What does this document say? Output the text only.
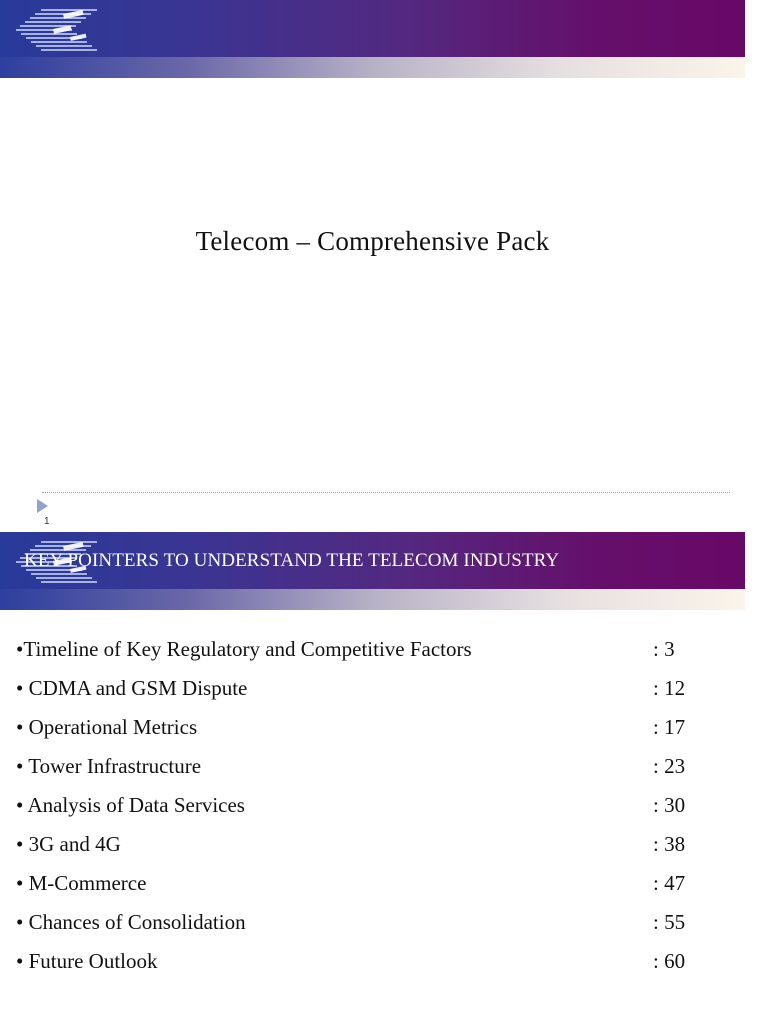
Telecom – Comprehensive Pack
1
KEY POINTERS TO UNDERSTAND THE TELECOM INDUSTRY
•Timeline of Key Regulatory and Competitive Factors	: 3
• CDMA and GSM Dispute	: 12
• Operational Metrics	: 17
• Tower Infrastructure	: 23
• Analysis of Data Services	: 30
• 3G and 4G	: 38
• M-Commerce	: 47
• Chances of Consolidation	: 55
• Future Outlook	: 60
